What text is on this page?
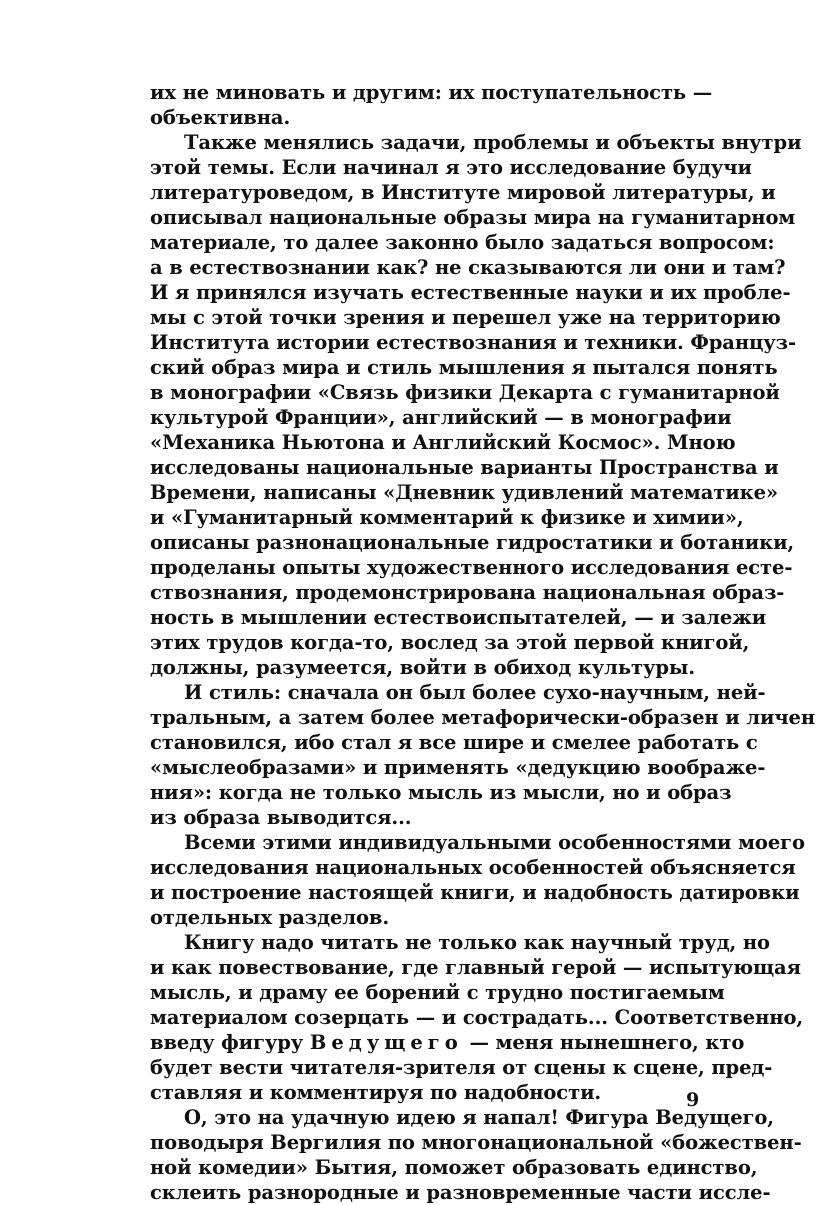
их не миновать и другим: их поступательность —
объективна.
Также менялись задачи, проблемы и объекты внутри
этой темы. Если начинал я это исследование будучи
литературоведом, в Институте мировой литературы, и
описывал национальные образы мира на гуманитарном
материале, то далее законно было задаться вопросом:
а в естествознании как? не сказываются ли они и там?
И я принялся изучать естественные науки и их пробле-
мы с этой точки зрения и перешел уже на территорию
Института истории естествознания и техники. Француз-
ский образ мира и стиль мышления я пытался понять
в монографии «Связь физики Декарта с гуманитарной
культурой Франции», английский — в монографии
«Механика Ньютона и Английский Космос». Мною
исследованы национальные варианты Пространства и
Времени, написаны «Дневник удивлений математике»
и «Гуманитарный комментарий к физике и химии»,
описаны разнонациональные гидростатики и ботаники,
проделаны опыты художественного исследования есте-
ствознания, продемонстрирована национальная образ-
ность в мышлении естествоиспытателей, — и залежи
этих трудов когда-то, вослед за этой первой книгой,
должны, разумеется, войти в обиход культуры.
И стиль: сначала он был более сухо-научным, ней-
тральным, а затем более метафорически-образен и личен
становился, ибо стал я все шире и смелее работать с
«мыслеобразами» и применять «дедукцию воображе-
ния»: когда не только мысль из мысли, но и образ
из образа выводится...
Всеми этими индивидуальными особенностями моего
исследования национальных особенностей объясняется
и построение настоящей книги, и надобность датировки
отдельных разделов.
Книгу надо читать не только как научный труд, но
и как повествование, где главный герой — испытующая
мысль, и драму ее борений с трудно постигаемым
материалом созерцать — и сострадать... Соответственно,
введу фигуру Ведущего — меня нынешнего, кто
будет вести читателя-зрителя от сцены к сцене, пред-
ставляя и комментируя по надобности.
О, это на удачную идею я напал! Фигура Ведущего,
поводыря Вергилия по многонациональной «божествен-
ной комедии» Бытия, поможет образовать единство,
склеить разнородные и разновременные части иссле-
9
